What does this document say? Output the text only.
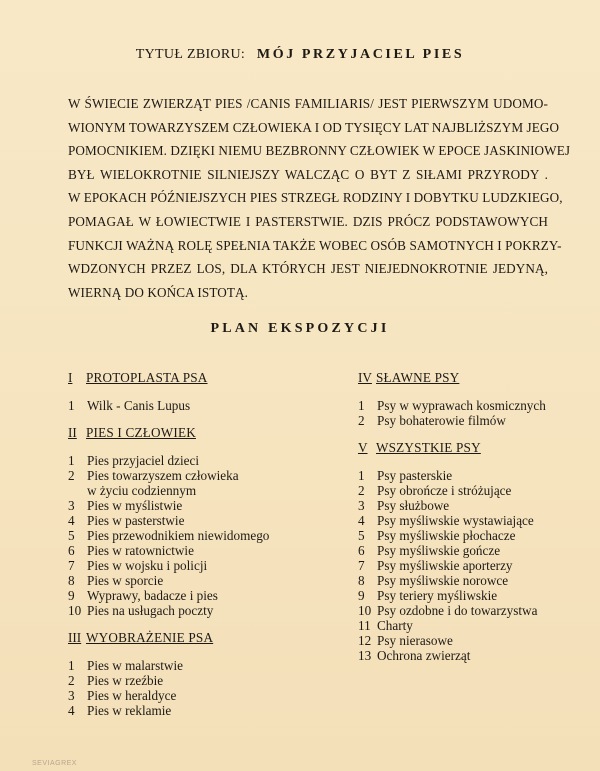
TYTUŁ ZBIORU: MÓJ PRZYJACIEL PIES

W ŚWIECIE ZWIERZĄT PIES /CANIS FAMILIARIS/ JEST PIERWSZYM UDOMO-
WIONYM TOWARZYSZEM CZŁOWIEKA I OD TYSIĘCY LAT NAJBLIŻSZYM JEGO
POMOCNIKIEM. DZIĘKI NIEMU BEZBRONNY CZŁOWIEK W EPOCE JASKINIOWEJ
BYŁ WIELOKROTNIE SILNIEJSZY WALCZĄC O BYT Z SIŁAMI PRZYRODY .
W EPOKACH PÓŹNIEJSZYCH PIES STRZEGŁ RODZINY I DOBYTKU LUDZKIEGO,
POMAGAŁ W ŁOWIECTWIE I PASTERSTWIE. DZIS PRÓCZ PODSTAWOWYCH
FUNKCJI WAŻNĄ ROLĘ SPEŁNIA TAKŻE WOBEC OSÓB SAMOTNYCH I POKRZY-
WDZONYCH PRZEZ LOS, DLA KTÓRYCH JEST NIEJEDNOKROTNIE JEDYNĄ,
WIERNĄ DO KOŃCA ISTOTĄ.

PLAN EKSPOZYCJI
I	PROTOPLASTA PSA
1 Wilk - Canis Lupus
II PIES I CZŁOWIEK
1 Pies przyjaciel dzieci
2 Pies towarzyszem człowieka
w życiu codziennym
3 Pies w myślistwie
4 Pies w pasterstwie
5 Pies przewodnikiem niewidomego
6 Pies w ratownictwie
7 Pies w wojsku i policji
8 Pies w sporcie
9 Wyprawy, badacze i pies
10 Pies na usługach poczty
III WYOBRAŻENIE PSA
1 Pies w malarstwie
2 Pies w rzeźbie
3 Pies w heraldyce
4 Pies w reklamie
IV SŁAWNE PSY
1 Psy w wyprawach kosmicznych
2 Psy bohaterowie filmów
V WSZYSTKIE PSY
1 Psy pasterskie
2 Psy obrończe i stróżujące
3 Psy służbowe
4 Psy myśliwskie wystawiające
5 Psy myśliwskie płochacze
6 Psy myśliwskie gończe
7 Psy myśliwskie aporterzy
8 Psy myśliwskie norowce
9 Psy teriery myśliwskie
10 Psy ozdobne i do towarzystwa
11 Charty
12 Psy nierasowe
13 Ochrona zwierząt
SEVIAGREX
